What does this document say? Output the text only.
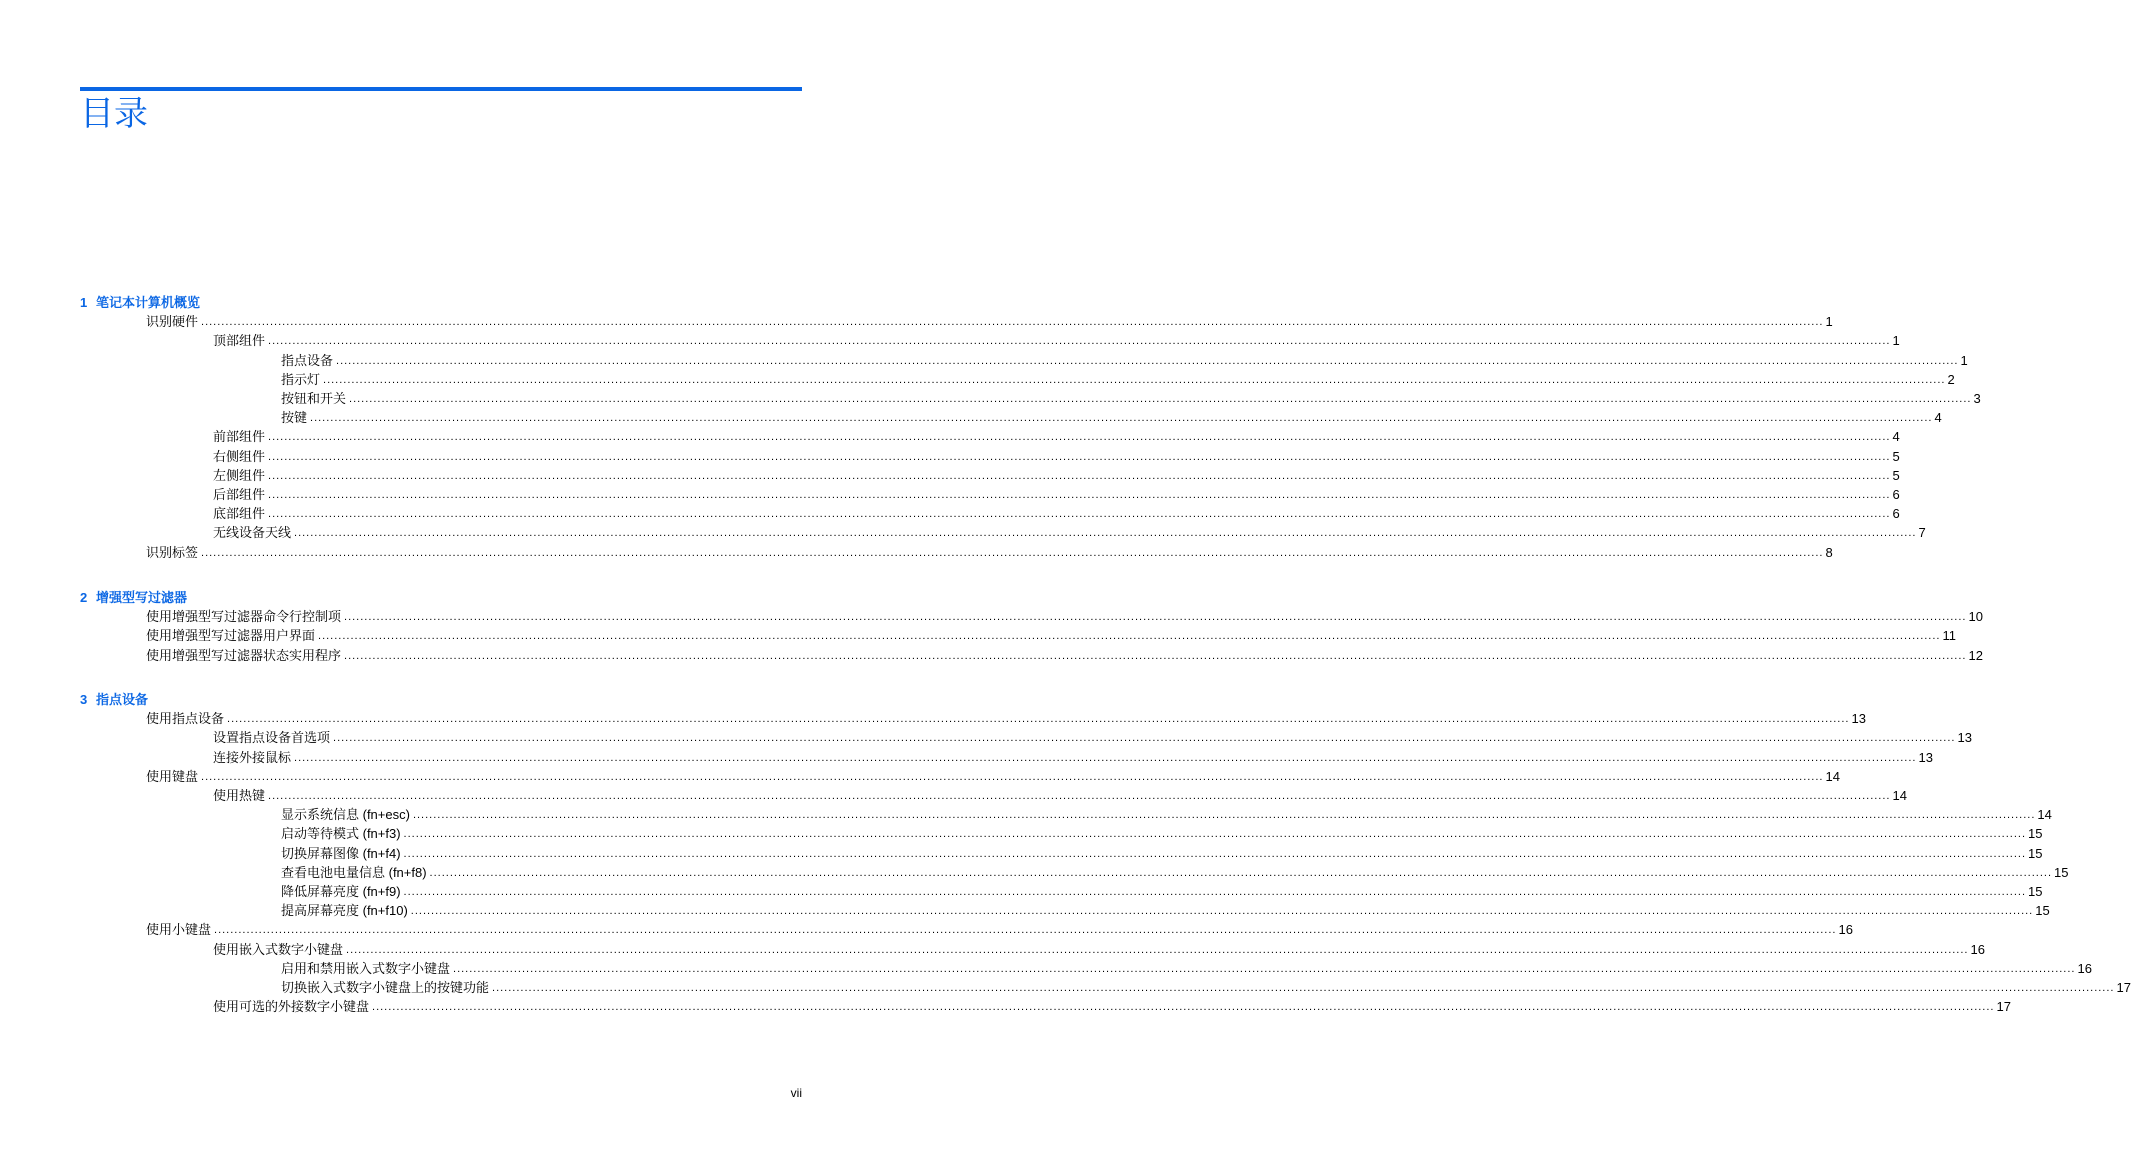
目录
1 笔记本计算机概览
识别硬件 ................................................................................................................................................................................................................................................................................................................................................................................................................ 1
顶部组件 ................................................................................................................................................................................................................................................................................................................................................................................................................ 1
指点设备 ................................................................................................................................................................................................................................................................................................................................................................................................................ 1
指示灯 ................................................................................................................................................................................................................................................................................................................................................................................................................ 2
按钮和开关 ................................................................................................................................................................................................................................................................................................................................................................................................................ 3
按键 ................................................................................................................................................................................................................................................................................................................................................................................................................ 4
前部组件 ................................................................................................................................................................................................................................................................................................................................................................................................................ 4
右侧组件 ................................................................................................................................................................................................................................................................................................................................................................................................................ 5
左侧组件 ................................................................................................................................................................................................................................................................................................................................................................................................................ 5
后部组件 ................................................................................................................................................................................................................................................................................................................................................................................................................ 6
底部组件 ................................................................................................................................................................................................................................................................................................................................................................................................................ 6
无线设备天线 ................................................................................................................................................................................................................................................................................................................................................................................................................ 7
识别标签 ................................................................................................................................................................................................................................................................................................................................................................................................................ 8
2 增强型写过滤器
使用增强型写过滤器命令行控制项 ................................................................................................................................................................................................................................................................................................................................................................................................................ 10
使用增强型写过滤器用户界面 ................................................................................................................................................................................................................................................................................................................................................................................................................ 11
使用增强型写过滤器状态实用程序 ................................................................................................................................................................................................................................................................................................................................................................................................................ 12
3 指点设备
使用指点设备 ................................................................................................................................................................................................................................................................................................................................................................................................................ 13
设置指点设备首选项 ................................................................................................................................................................................................................................................................................................................................................................................................................ 13
连接外接鼠标 ................................................................................................................................................................................................................................................................................................................................................................................................................ 13
使用键盘 ................................................................................................................................................................................................................................................................................................................................................................................................................ 14
使用热键 ................................................................................................................................................................................................................................................................................................................................................................................................................ 14
显示系统信息 (fn+esc) ................................................................................................................................................................................................................................................................................................................................................................................................................ 14
启动等待模式 (fn+f3) ................................................................................................................................................................................................................................................................................................................................................................................................................ 15
切换屏幕图像 (fn+f4) ................................................................................................................................................................................................................................................................................................................................................................................................................ 15
查看电池电量信息 (fn+f8) ................................................................................................................................................................................................................................................................................................................................................................................................................ 15
降低屏幕亮度 (fn+f9) ................................................................................................................................................................................................................................................................................................................................................................................................................ 15
提高屏幕亮度 (fn+f10) ................................................................................................................................................................................................................................................................................................................................................................................................................ 15
使用小键盘 ................................................................................................................................................................................................................................................................................................................................................................................................................ 16
使用嵌入式数字小键盘 ................................................................................................................................................................................................................................................................................................................................................................................................................ 16
启用和禁用嵌入式数字小键盘 ................................................................................................................................................................................................................................................................................................................................................................................................................ 16
切换嵌入式数字小键盘上的按键功能 ................................................................................................................................................................................................................................................................................................................................................................................................................ 17
使用可选的外接数字小键盘 ................................................................................................................................................................................................................................................................................................................................................................................................................ 17
vii
